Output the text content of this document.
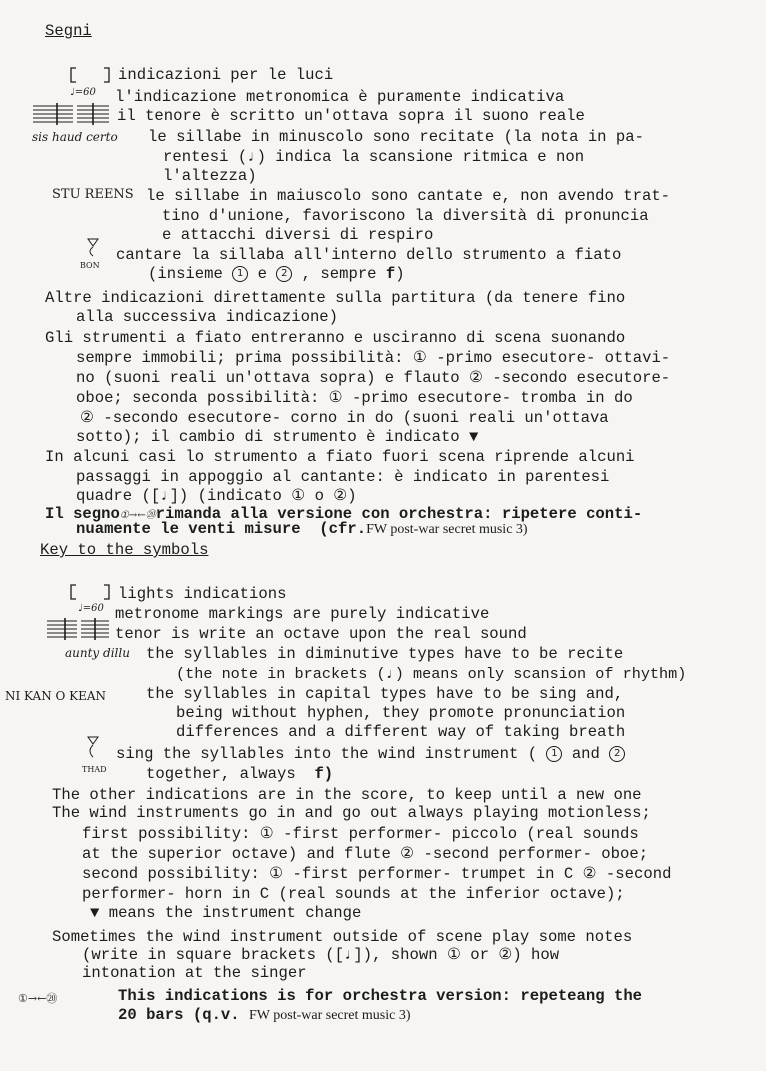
Segni
indicazioni per le luci
♩=60 l'indicazione metronomica è puramente indicativa
il tenore è scritto un'ottava sopra il suono reale
sis haud certo le sillabe in minuscolo sono recitate (la nota in pa-
rentesi (♩) indica la scansione ritmica e non
l'altezza)
STU REENS le sillabe in maiuscolo sono cantate e, non avendo trat-
tino d'unione, favoriscono la diversità di pronuncia
e attacchi diversi di respiro
BON
cantare la sillaba all'interno dello strumento a fiato
(insieme 1 e 2 , sempre f)
Altre indicazioni direttamente sulla partitura (da tenere fino
alla successiva indicazione)
Gli strumenti a fiato entreranno e usciranno di scena suonando
sempre immobili; prima possibilità: ① -primo esecutore- ottavi-
no (suoni reali un'ottava sopra) e flauto ② -secondo esecutore-
oboe; seconda possibilità: ① -primo esecutore- tromba in do
② -secondo esecutore- corno in do (suoni reali un'ottava
sotto); il cambio di strumento è indicato ▼
In alcuni casi lo strumento a fiato fuori scena riprende alcuni
passaggi in appoggio al cantante: è indicato in parentesi
quadre ([♩]) (indicato ① o ②)
Il segno①→←⑳rimanda alla versione con orchestra: ripetere conti-
nuamente le venti misure  (cfr.FW post-war secret music 3)
Key to the symbols
lights indications
♩=60 metronome markings are purely indicative
tenor is write an octave upon the real sound
aunty dillu the syllables in diminutive types have to be recite
(the note in brackets (♩) means only scansion of rhythm)
NI KAN O KEAN	the syllables in capital types have to be sing and,
being without hyphen, they promote pronunciation
differences and a different way of taking breath
THAD
sing the syllables into the wind instrument ( 1 and 2
together, always  f)
The other indications are in the score, to keep until a new one
The wind instruments go in and go out always playing motionless;
first possibility: ① -first performer- piccolo (real sounds
at the superior octave) and flute ② -second performer- oboe;
second possibility: ① -first performer- trumpet in C ② -second
performer- horn in C (real sounds at the inferior octave);
▼ means the instrument change
Sometimes the wind instrument outside of scene play some notes
(write in square brackets ([♩]), shown ① or ②) how
intonation at the singer
①→←⑳	This indications is for orchestra version: repeteang the
20 bars (q.v. FW post-war secret music 3)
